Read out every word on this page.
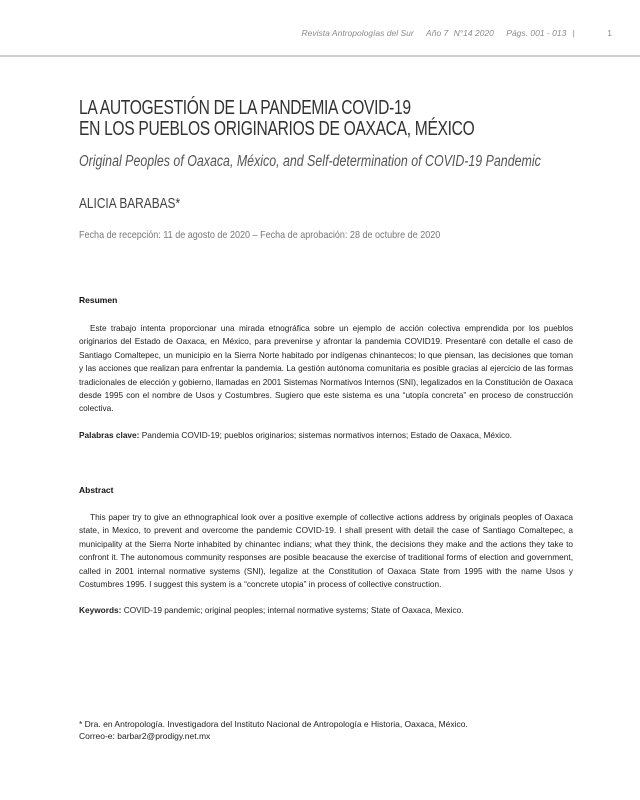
Revista Antropologías del Sur Año 7 N°14 2020 Págs. 001 - 013 |	1
LA AUTOGESTIÓN DE LA PANDEMIA COVID-19
EN LOS PUEBLOS ORIGINARIOS DE OAXACA, MÉXICO
Original Peoples of Oaxaca, México, and Self-determination of COVID-19 Pandemic
ALICIA BARABAS*
Fecha de recepción: 11 de agosto de 2020 – Fecha de aprobación: 28 de octubre de 2020
Resumen
Este trabajo intenta proporcionar una mirada etnográfica sobre un ejemplo de acción colectiva emprendida por los pueblos originarios del Estado de Oaxaca, en México, para prevenirse y afrontar la pandemia COVID19. Presentaré con detalle el caso de Santiago Comaltepec, un municipio en la Sierra Norte habitado por indígenas chinantecos; lo que piensan, las decisiones que toman y las acciones que realizan para enfrentar la pandemia. La gestión autónoma comunitaria es posible gracias al ejercicio de las formas tradicionales de elección y gobierno, llamadas en 2001 Sistemas Normativos Internos (SNI), legalizados en la Constitución de Oaxaca desde 1995 con el nombre de Usos y Costumbres. Sugiero que este sistema es una “utopía concreta” en proceso de construcción colectiva.
Palabras clave: Pandemia COVID-19; pueblos originarios; sistemas normativos internos; Estado de Oaxaca, México.
Abstract
This paper try to give an ethnographical look over a positive exemple of collective actions address by originals peoples of Oaxaca state, in Mexico, to prevent and overcome the pandemic COVID-19. I shall present with detail the case of Santiago Comaltepec, a municipality at the Sierra Norte inhabited by chinantec indians; what they think, the decisions they make and the actions they take to confront it. The autonomous community responses are posible beacause the exercise of traditional forms of election and government, called in 2001 internal normative systems (SNI), legalize at the Constitution of Oaxaca State from 1995 with the name Usos y Costumbres 1995. I suggest this system is a “concrete utopia” in process of collective construction.
Keywords: COVID-19 pandemic; original peoples; internal normative systems; State of Oaxaca, Mexico.
* Dra. en Antropología. Investigadora del Instituto Nacional de Antropología e Historia, Oaxaca, México.
Correo-e: barbar2@prodigy.net.mx
